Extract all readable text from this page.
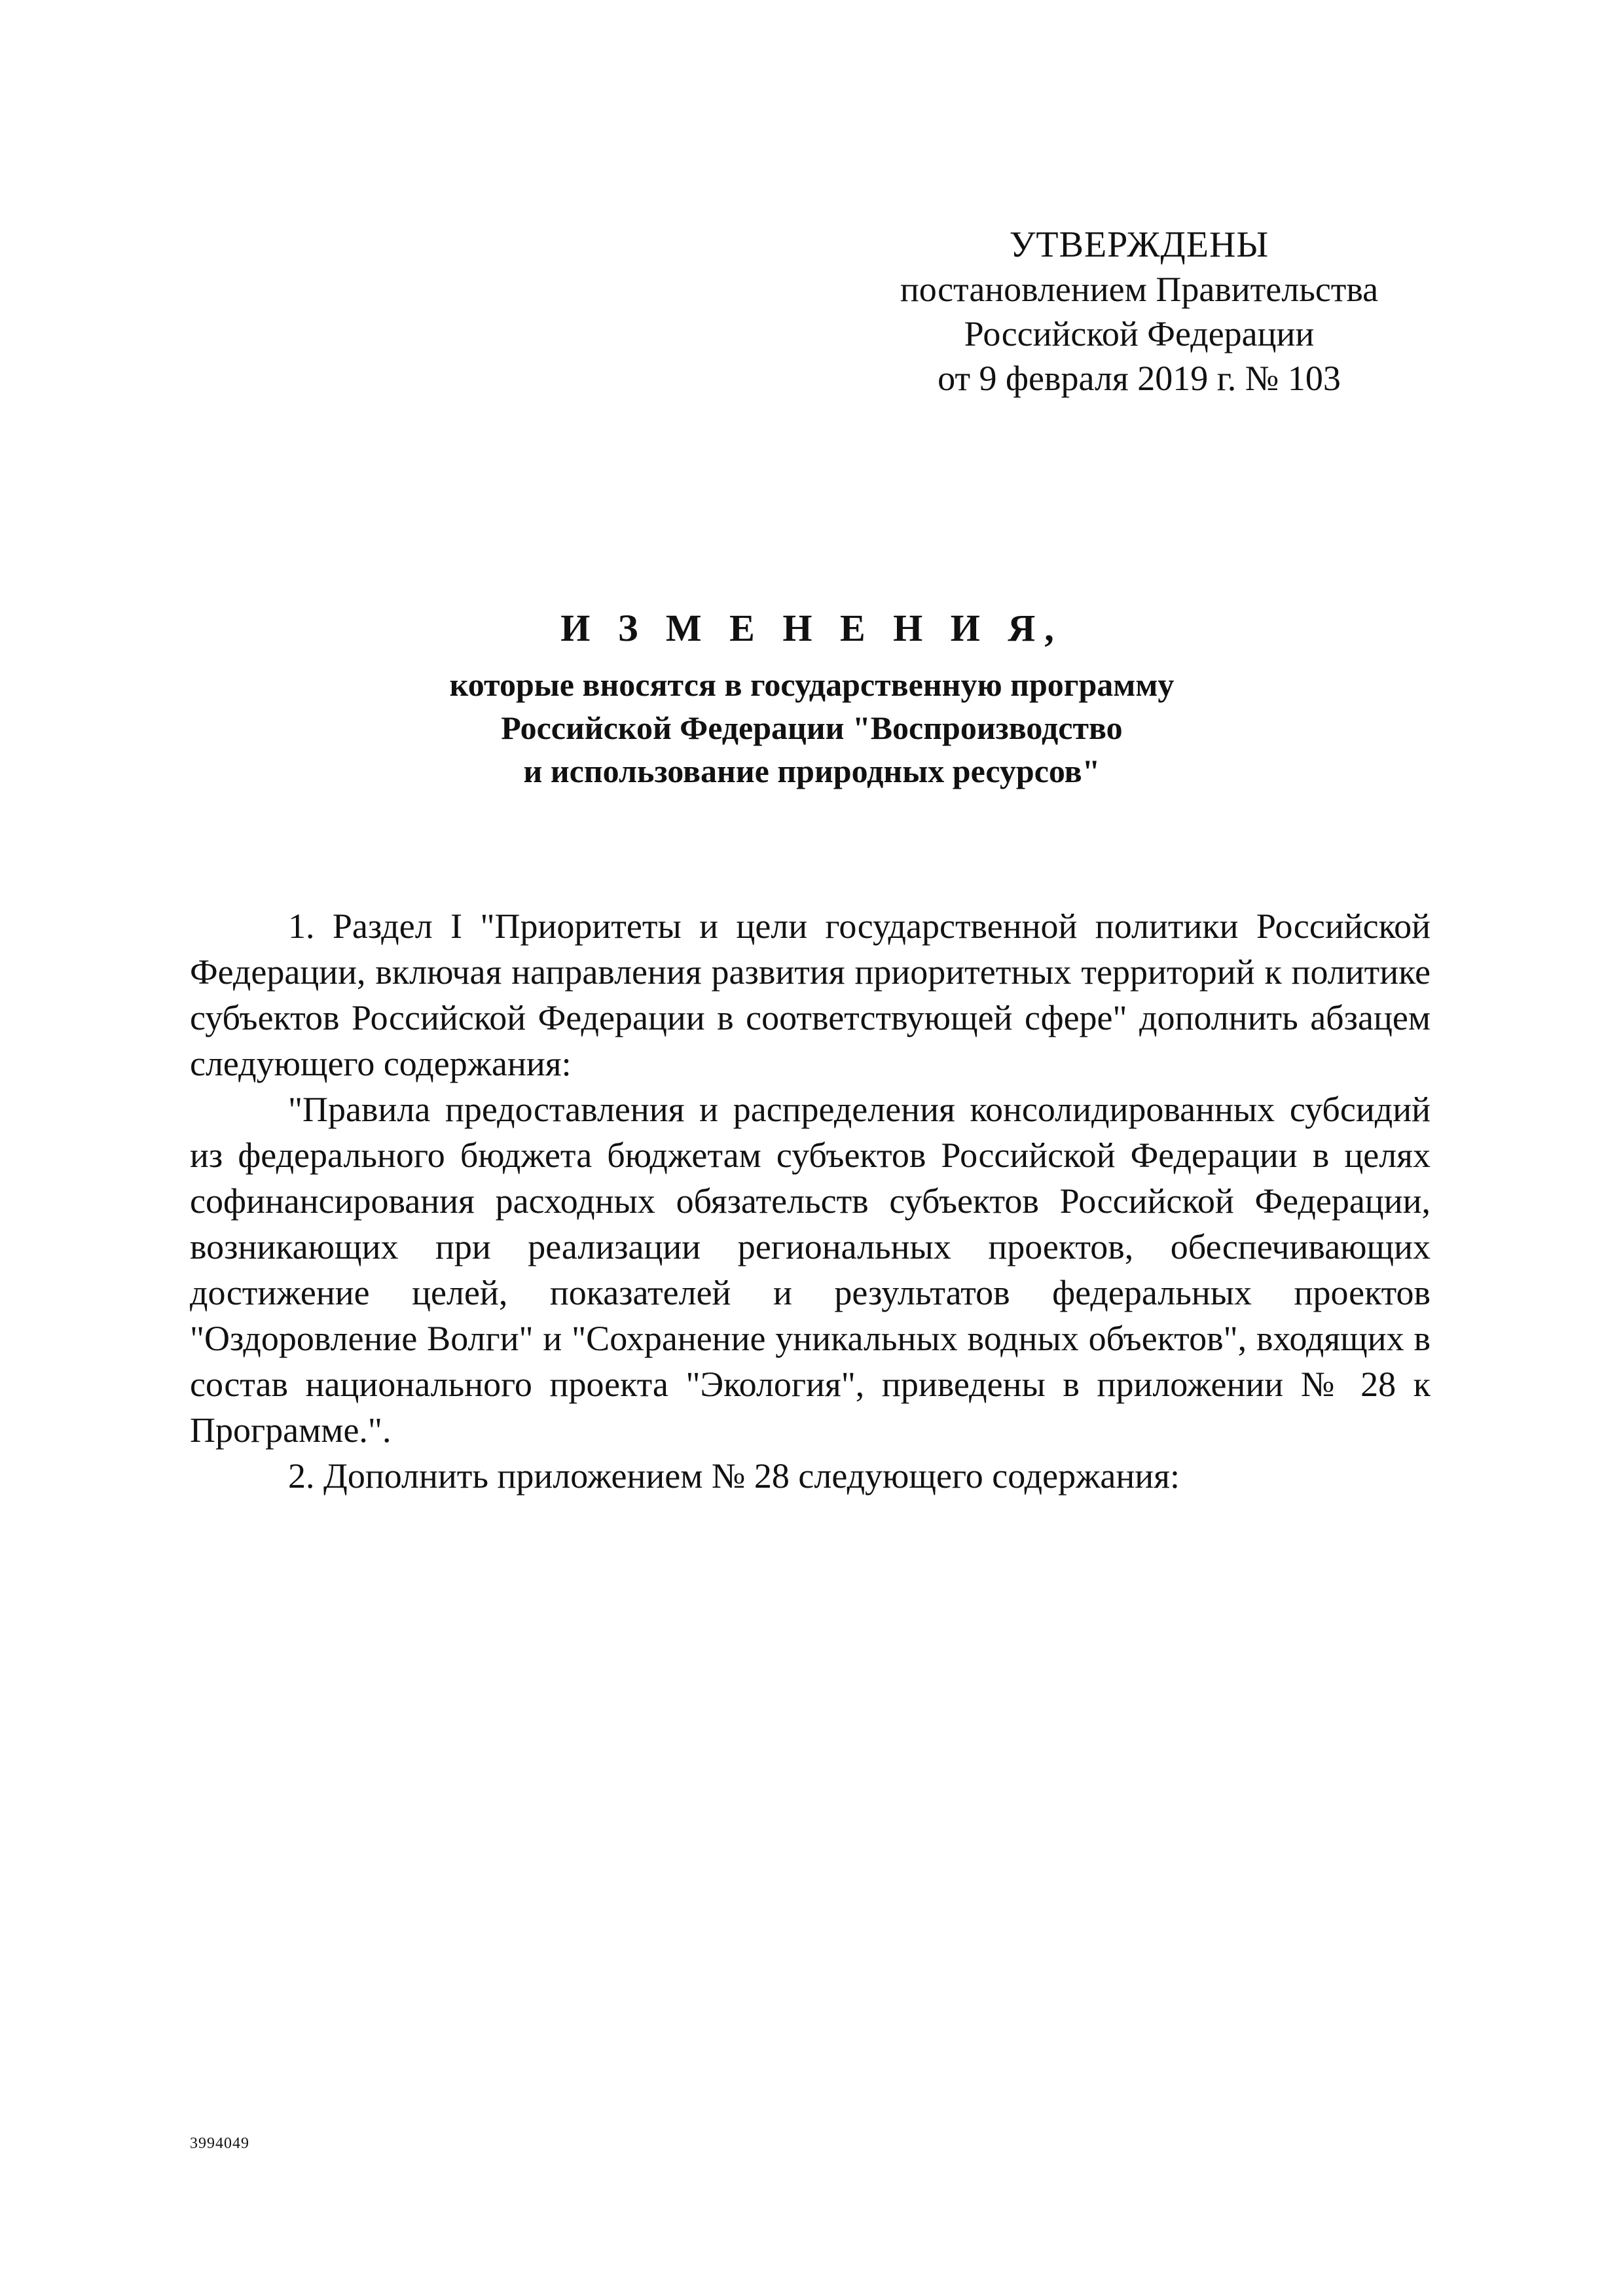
УТВЕРЖДЕНЫ
постановлением Правительства
Российской Федерации
от 9 февраля 2019 г. № 103
И З М Е Н Е Н И Я,
которые вносятся в государственную программу
Российской Федерации "Воспроизводство
и использование природных ресурсов"

1. Раздел I "Приоритеты и цели государственной политики Российской Федерации, включая направления развития приоритетных территорий к политике субъектов Российской Федерации в соответствующей сфере" дополнить абзацем следующего содержания:

"Правила предоставления и распределения консолидированных субсидий из федерального бюджета бюджетам субъектов Российской Федерации в целях софинансирования расходных обязательств субъектов Российской Федерации, возникающих при реализации региональных проектов, обеспечивающих достижение целей, показателей и результатов федеральных проектов "Оздоровление Волги" и "Сохранение уникальных водных объектов", входящих в состав национального проекта "Экология", приведены в приложении № 28 к Программе.".

2. Дополнить приложением № 28 следующего содержания:

3994049
